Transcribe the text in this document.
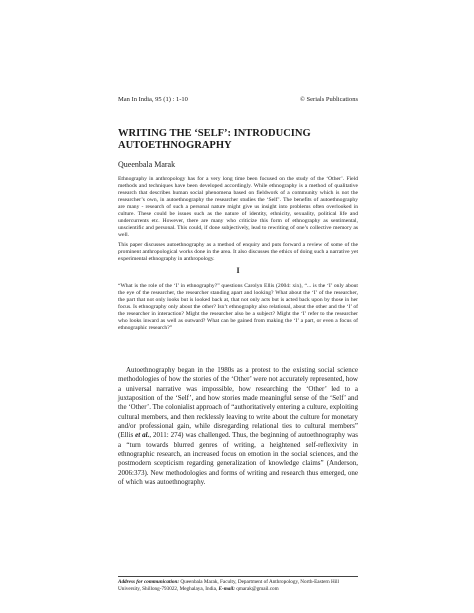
Man In India, 95 (1) : 1-10	© Serials Publications
WRITING THE ‘SELF’: INTRODUCING AUTOETHNOGRAPHY
Queenbala Marak

Ethnography in anthropology has for a very long time been focused on the study of the ‘Other’. Field methods and techniques have been developed accordingly. While ethnography is a method of qualitative research that describes human social phenomena based on fieldwork of a community which is not the researcher’s own, in autoethnography the researcher studies the ‘Self’. The benefits of autoethnography are many - research of such a personal nature might give us insight into problems often overlooked in culture. These could be issues such as the nature of identity, ethnicity, sexuality, political life and undercurrents etc. However, there are many who criticize this form of ethnography as sentimental, unscientific and personal. This could, if done subjectively, lead to rewriting of one’s collective memory as well.

This paper discusses autoethnography as a method of enquiry and puts forward a review of some of the prominent anthropological works done in the area. It also discusses the ethics of doing such a narrative yet experimental ethnography in anthropology.

I

“What is the role of the ‘I’ in ethnography?” questions Carolyn Ellis (2004: xix), “... is the ‘I’ only about the eye of the researcher, the researcher standing apart and looking? What about the ‘I’ of the researcher, the part that not only looks but is looked back at, that not only acts but is acted back upon by those in her focus. Is ethnography only about the other? Isn’t ethnography also relational, about the other and the ‘I’ of the researcher in interaction? Might the researcher also be a subject? Might the ‘I’ refer to the researcher who looks inward as well as outward? What can be gained from making the ‘I’ a part, or even a focus of ethnographic research?”

Autoethnography began in the 1980s as a protest to the existing social science methodologies of how the stories of the ‘Other’ were not accurately represented, how a universal narrative was impossible, how researching the ‘Other’ led to a juxtaposition of the ‘Self’, and how stories made meaningful sense of the ‘Self’ and the ‘Other’. The colonialist approach of “authoritatively entering a culture, exploiting cultural members, and then recklessly leaving to write about the culture for monetary and/or professional gain, while disregarding relational ties to cultural members” (Ellis et al., 2011: 274) was challenged. Thus, the beginning of autoethnography was a “turn towards blurred genres of writing, a heightened self-reflexivity in ethnographic research, an increased focus on emotion in the social sciences, and the postmodern scepticism regarding generalization of knowledge claims” (Anderson, 2006:373). New methodologies and forms of writing and research thus emerged, one of which was autoethnography.

Address for communication: Queenbala Marak, Faculty, Department of Anthropology, North-Eastern Hill University, Shillong-793022, Meghalaya, India, E-mail: qmarak@gmail.com
